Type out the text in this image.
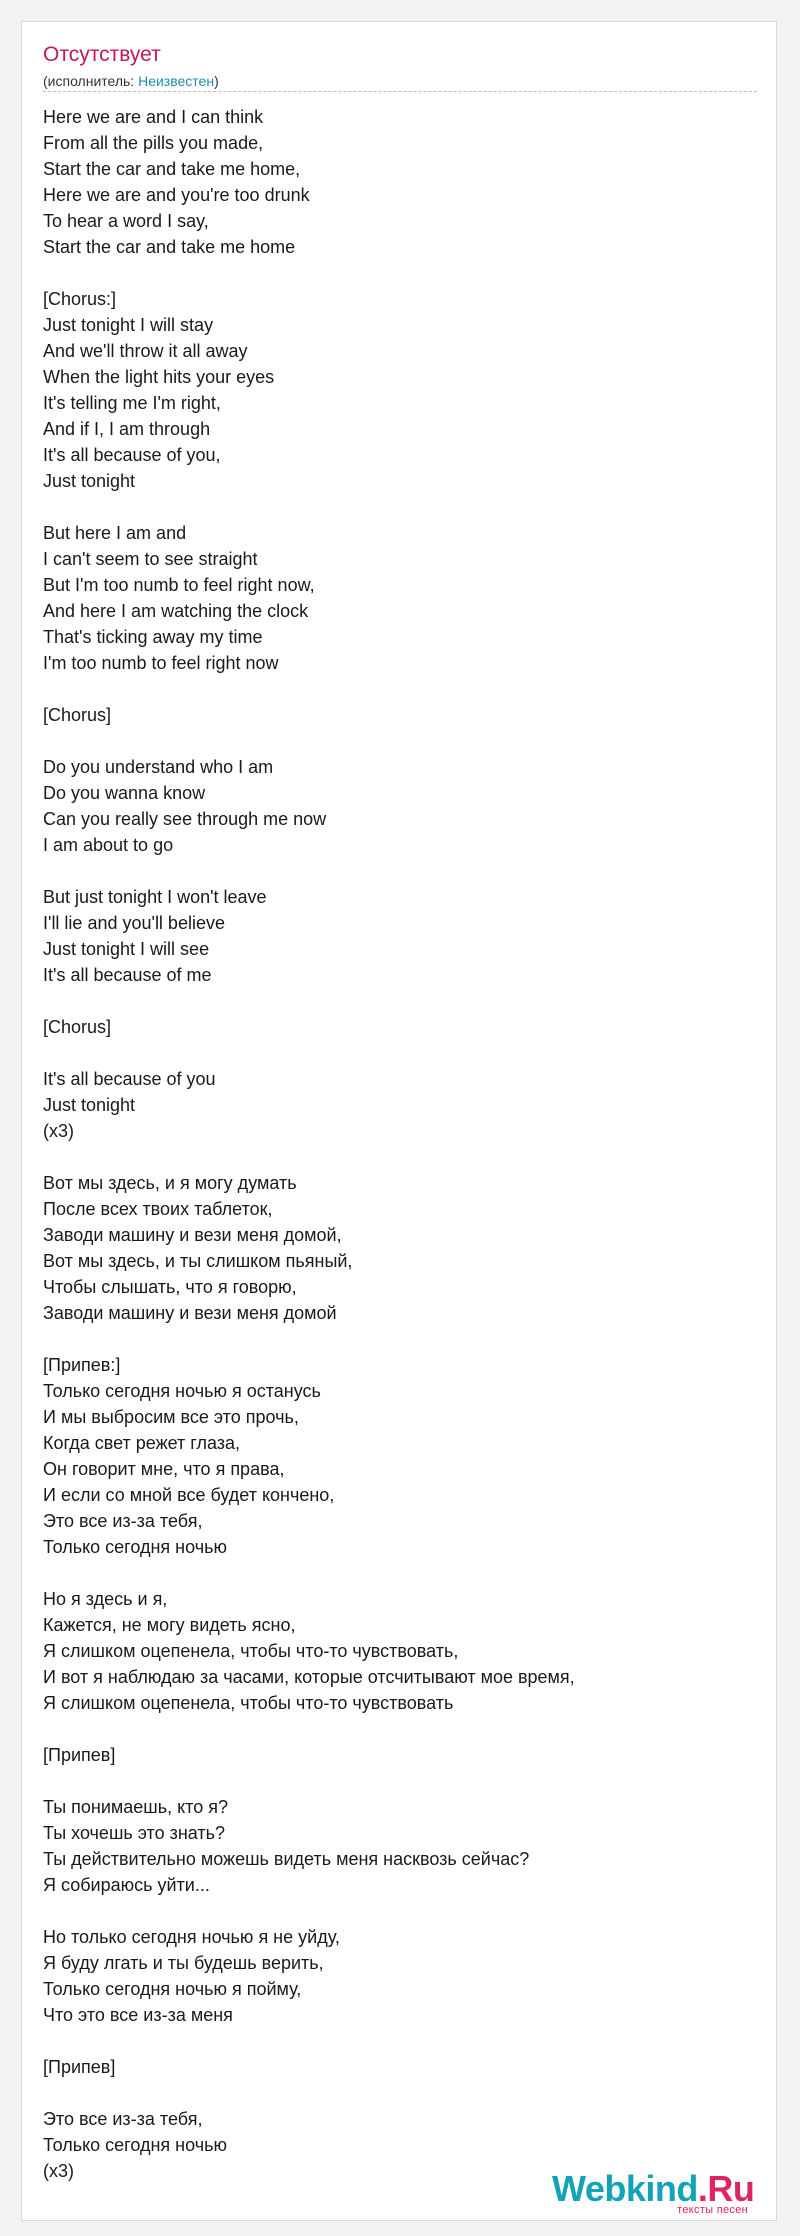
Отсутствует
(исполнитель: Неизвестен)
Here we are and I can think
From all the pills you made,
Start the car and take me home,
Here we are and you're too drunk
To hear a word I say,
Start the car and take me home
[Chorus:]
Just tonight I will stay
And we'll throw it all away
When the light hits your eyes
It's telling me I'm right,
And if I, I am through
It's all because of you,
Just tonight
But here I am and
I can't seem to see straight
But I'm too numb to feel right now,
And here I am watching the clock
That's ticking away my time
I'm too numb to feel right now
[Chorus]
Do you understand who I am
Do you wanna know
Can you really see through me now
I am about to go
But just tonight I won't leave
I'll lie and you'll believe
Just tonight I will see
It's all because of me
[Chorus]
It's all because of you
Just tonight
(x3)
Вот мы здесь, и я могу думать
После всех твоих таблеток,
Заводи машину и вези меня домой,
Вот мы здесь, и ты слишком пьяный,
Чтобы слышать, что я говорю,
Заводи машину и вези меня домой
[Припев:]
Только сегодня ночью я останусь
И мы выбросим все это прочь,
Когда свет режет глаза,
Он говорит мне, что я права,
И если со мной все будет кончено,
Это все из-за тебя,
Только сегодня ночью
Но я здесь и я,
Кажется, не могу видеть ясно,
Я слишком оцепенела, чтобы что-то чувствовать,
И вот я наблюдаю за часами, которые отсчитывают мое время,
Я слишком оцепенела, чтобы что-то чувствовать
[Припев]
Ты понимаешь, кто я?
Ты хочешь это знать?
Ты действительно можешь видеть меня насквозь сейчас?
Я собираюсь уйти...
Но только сегодня ночью я не уйду,
Я буду лгать и ты будешь верить,
Только сегодня ночью я пойму,
Что это все из-за меня
[Припев]
Это все из-за тебя,
Только сегодня ночью
(x3)	Webkind.Ru
тексты песен
